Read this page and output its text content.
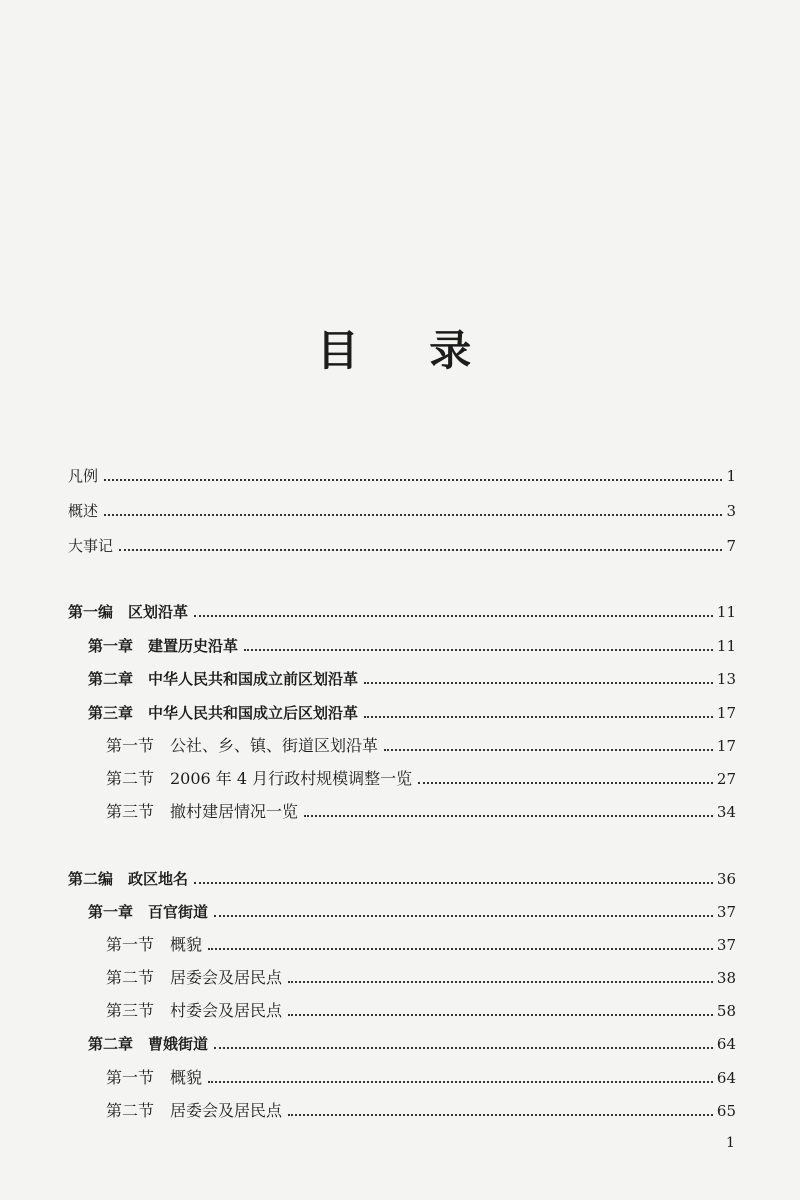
目 录
凡例	1
概述	3
大事记	7
第一编　区划沿革	11
第一章　建置历史沿革	11
第二章　中华人民共和国成立前区划沿革	13
第三章　中华人民共和国成立后区划沿革	17
第一节　公社、乡、镇、街道区划沿革	17
第二节　2006 年 4 月行政村规模调整一览	27
第三节　撤村建居情况一览	34
第二编　政区地名	36
第一章　百官街道	37
第一节　概貌	37
第二节　居委会及居民点	38
第三节　村委会及居民点	58
第二章　曹娥街道	64
第一节　概貌	64
第二节　居委会及居民点	65
1
